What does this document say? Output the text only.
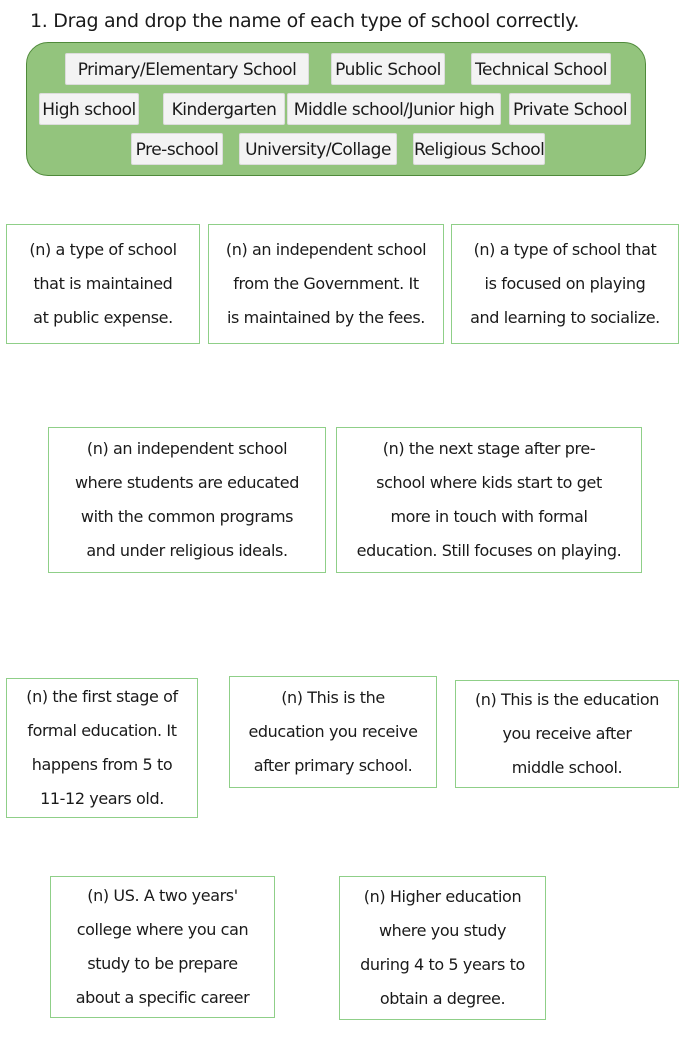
1. Drag and drop the name of each type of school correctly.
Primary/Elementary School	Public School Technical School
High school	Kindergarten	Middle school/Junior high	Private School
Pre-school	University/Collage	Religious School
(n) a type of school
that is maintained
at public expense.
(n) an independent school
from the Government. It
is maintained by the fees.
(n) a type of school that
is focused on playing
and learning to socialize.
(n) an independent school
where students are educated
with the common programs
and under religious ideals.
(n) the next stage after pre-
school where kids start to get
more in touch with formal
education. Still focuses on playing.
(n) the first stage of
formal education. It
happens from 5 to
11-12 years old.
(n) This is the
education you receive
after primary school.
(n) This is the education
you receive after
middle school.
(n) US. A two years'
college where you can
study to be prepare
about a specific career
(n) Higher education
where you study
during 4 to 5 years to
obtain a degree.
